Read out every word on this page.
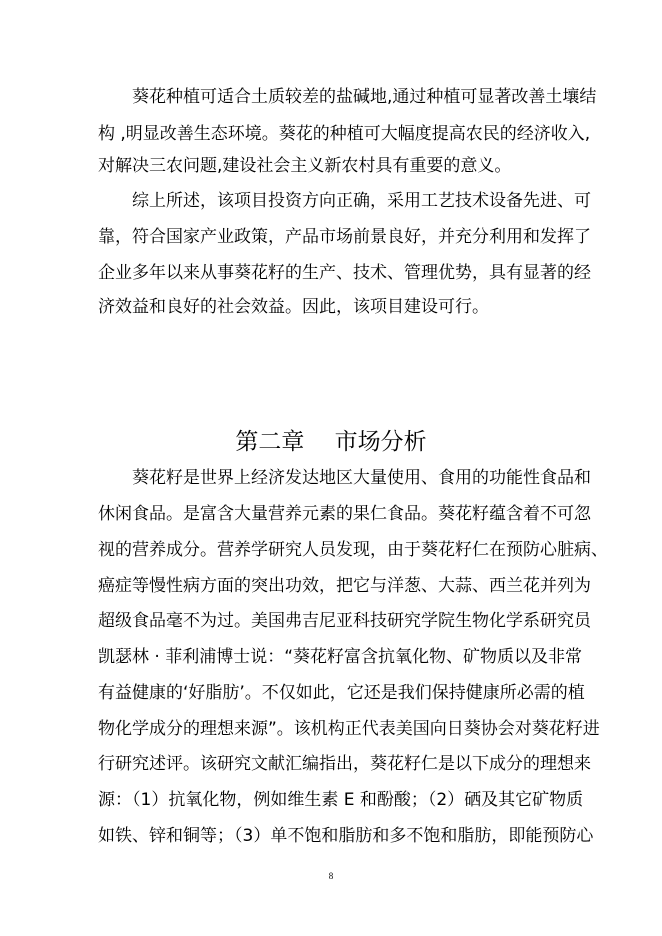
　　葵花种植可适合土质较差的盐碱地,通过种植可显著改善土壤结
构 ,明显改善生态环境。葵花的种植可大幅度提高农民的经济收入,
对解决三农问题,建设社会主义新农村具有重要的意义。
　　综上所述，该项目投资方向正确，采用工艺技术设备先进、可
靠，符合国家产业政策，产品市场前景良好，并充分利用和发挥了
企业多年以来从事葵花籽的生产、技术、管理优势，具有显著的经
济效益和良好的社会效益。因此，该项目建设可行。
第二章　 市场分析
　　葵花籽是世界上经济发达地区大量使用、食用的功能性食品和
休闲食品。是富含大量营养元素的果仁食品。葵花籽蕴含着不可忽
视的营养成分。营养学研究人员发现，由于葵花籽仁在预防心脏病、
癌症等慢性病方面的突出功效，把它与洋葱、大蒜、西兰花并列为
超级食品毫不为过。美国弗吉尼亚科技研究学院生物化学系研究员
凯瑟林 · 菲利浦博士说：“葵花籽富含抗氧化物、矿物质以及非常
有益健康的‘好脂肪’。不仅如此，它还是我们保持健康所必需的植
物化学成分的理想来源”。该机构正代表美国向日葵协会对葵花籽进
行研究述评。该研究文献汇编指出，葵花籽仁是以下成分的理想来
源：（1）抗氧化物，例如维生素 E 和酚酸；（2）硒及其它矿物质
如铁、锌和铜等；（3）单不饱和脂肪和多不饱和脂肪，即能预防心
8
